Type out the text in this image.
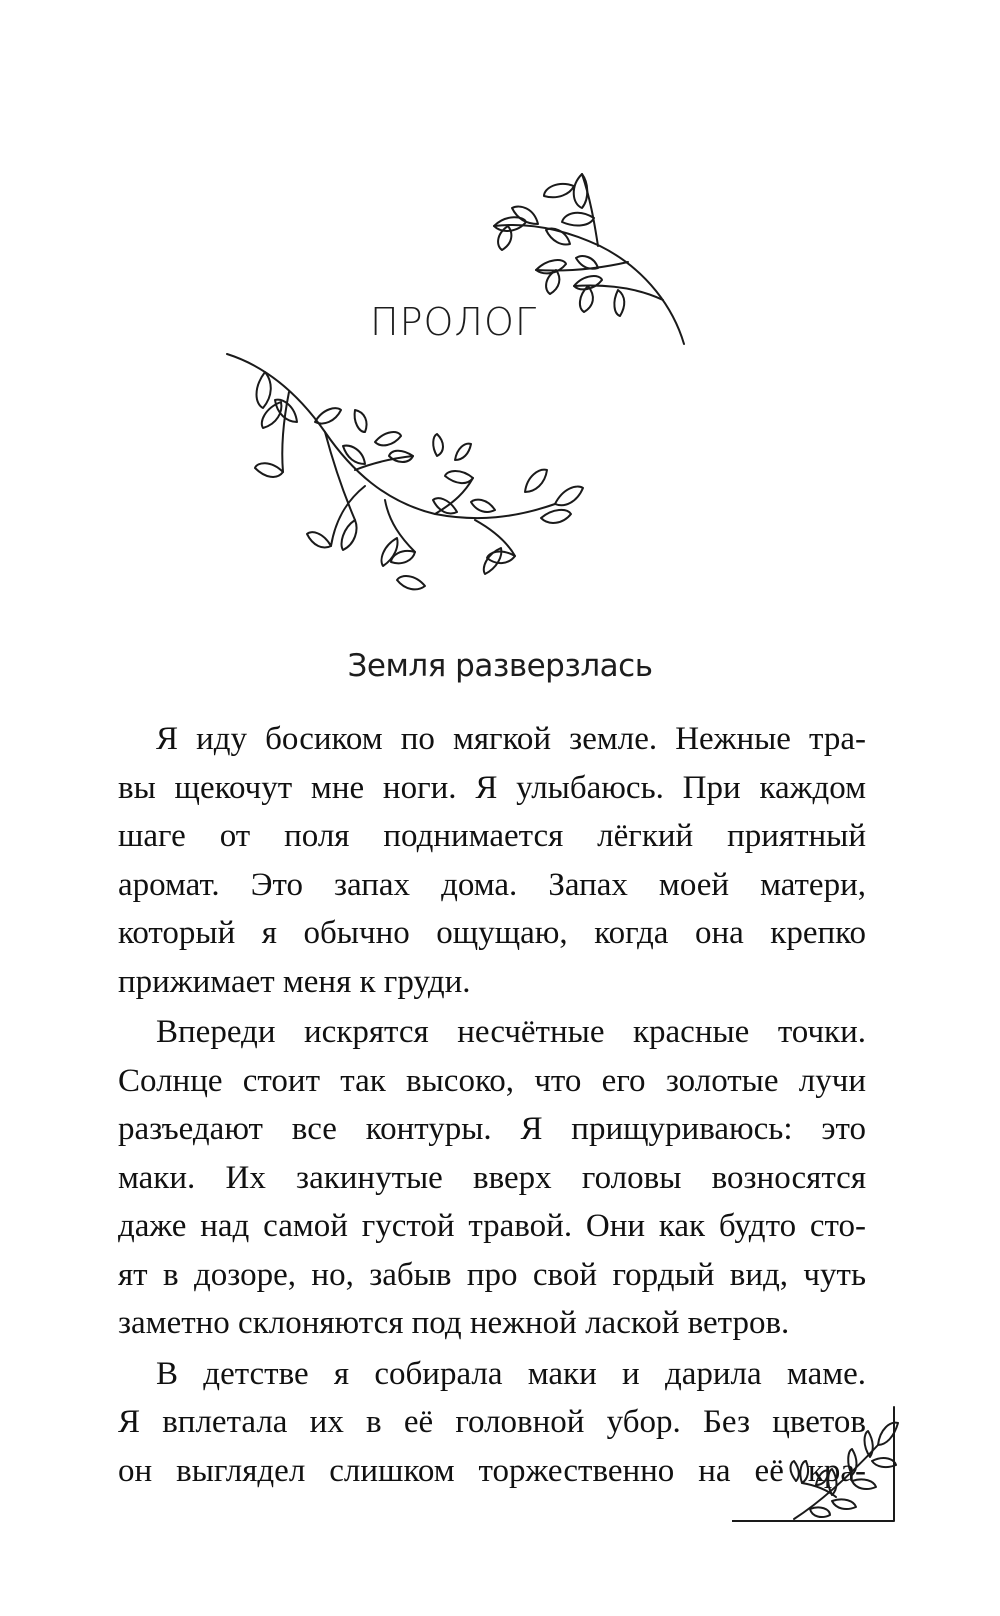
ПРОЛОГ
Земля разверзлась
Я иду босиком по мягкой земле. Нежные тра-
вы щекочут мне ноги. Я улыбаюсь. При каждом
шаге от поля поднимается лёгкий приятный
аромат. Это запах дома. Запах моей матери,
который я обычно ощущаю, когда она крепко
прижимает меня к груди.
Впереди искрятся несчётные красные точки.
Солнце стоит так высоко, что его золотые лучи
разъедают все контуры. Я прищуриваюсь: это
маки. Их закинутые вверх головы возносятся
даже над самой густой травой. Они как будто сто-
ят в дозоре, но, забыв про свой гордый вид, чуть
заметно склоняются под нежной лаской ветров.
В детстве я собирала маки и дарила маме.
Я вплетала их в её головной убор. Без цветов
он выглядел слишком торжественно на её кра-
